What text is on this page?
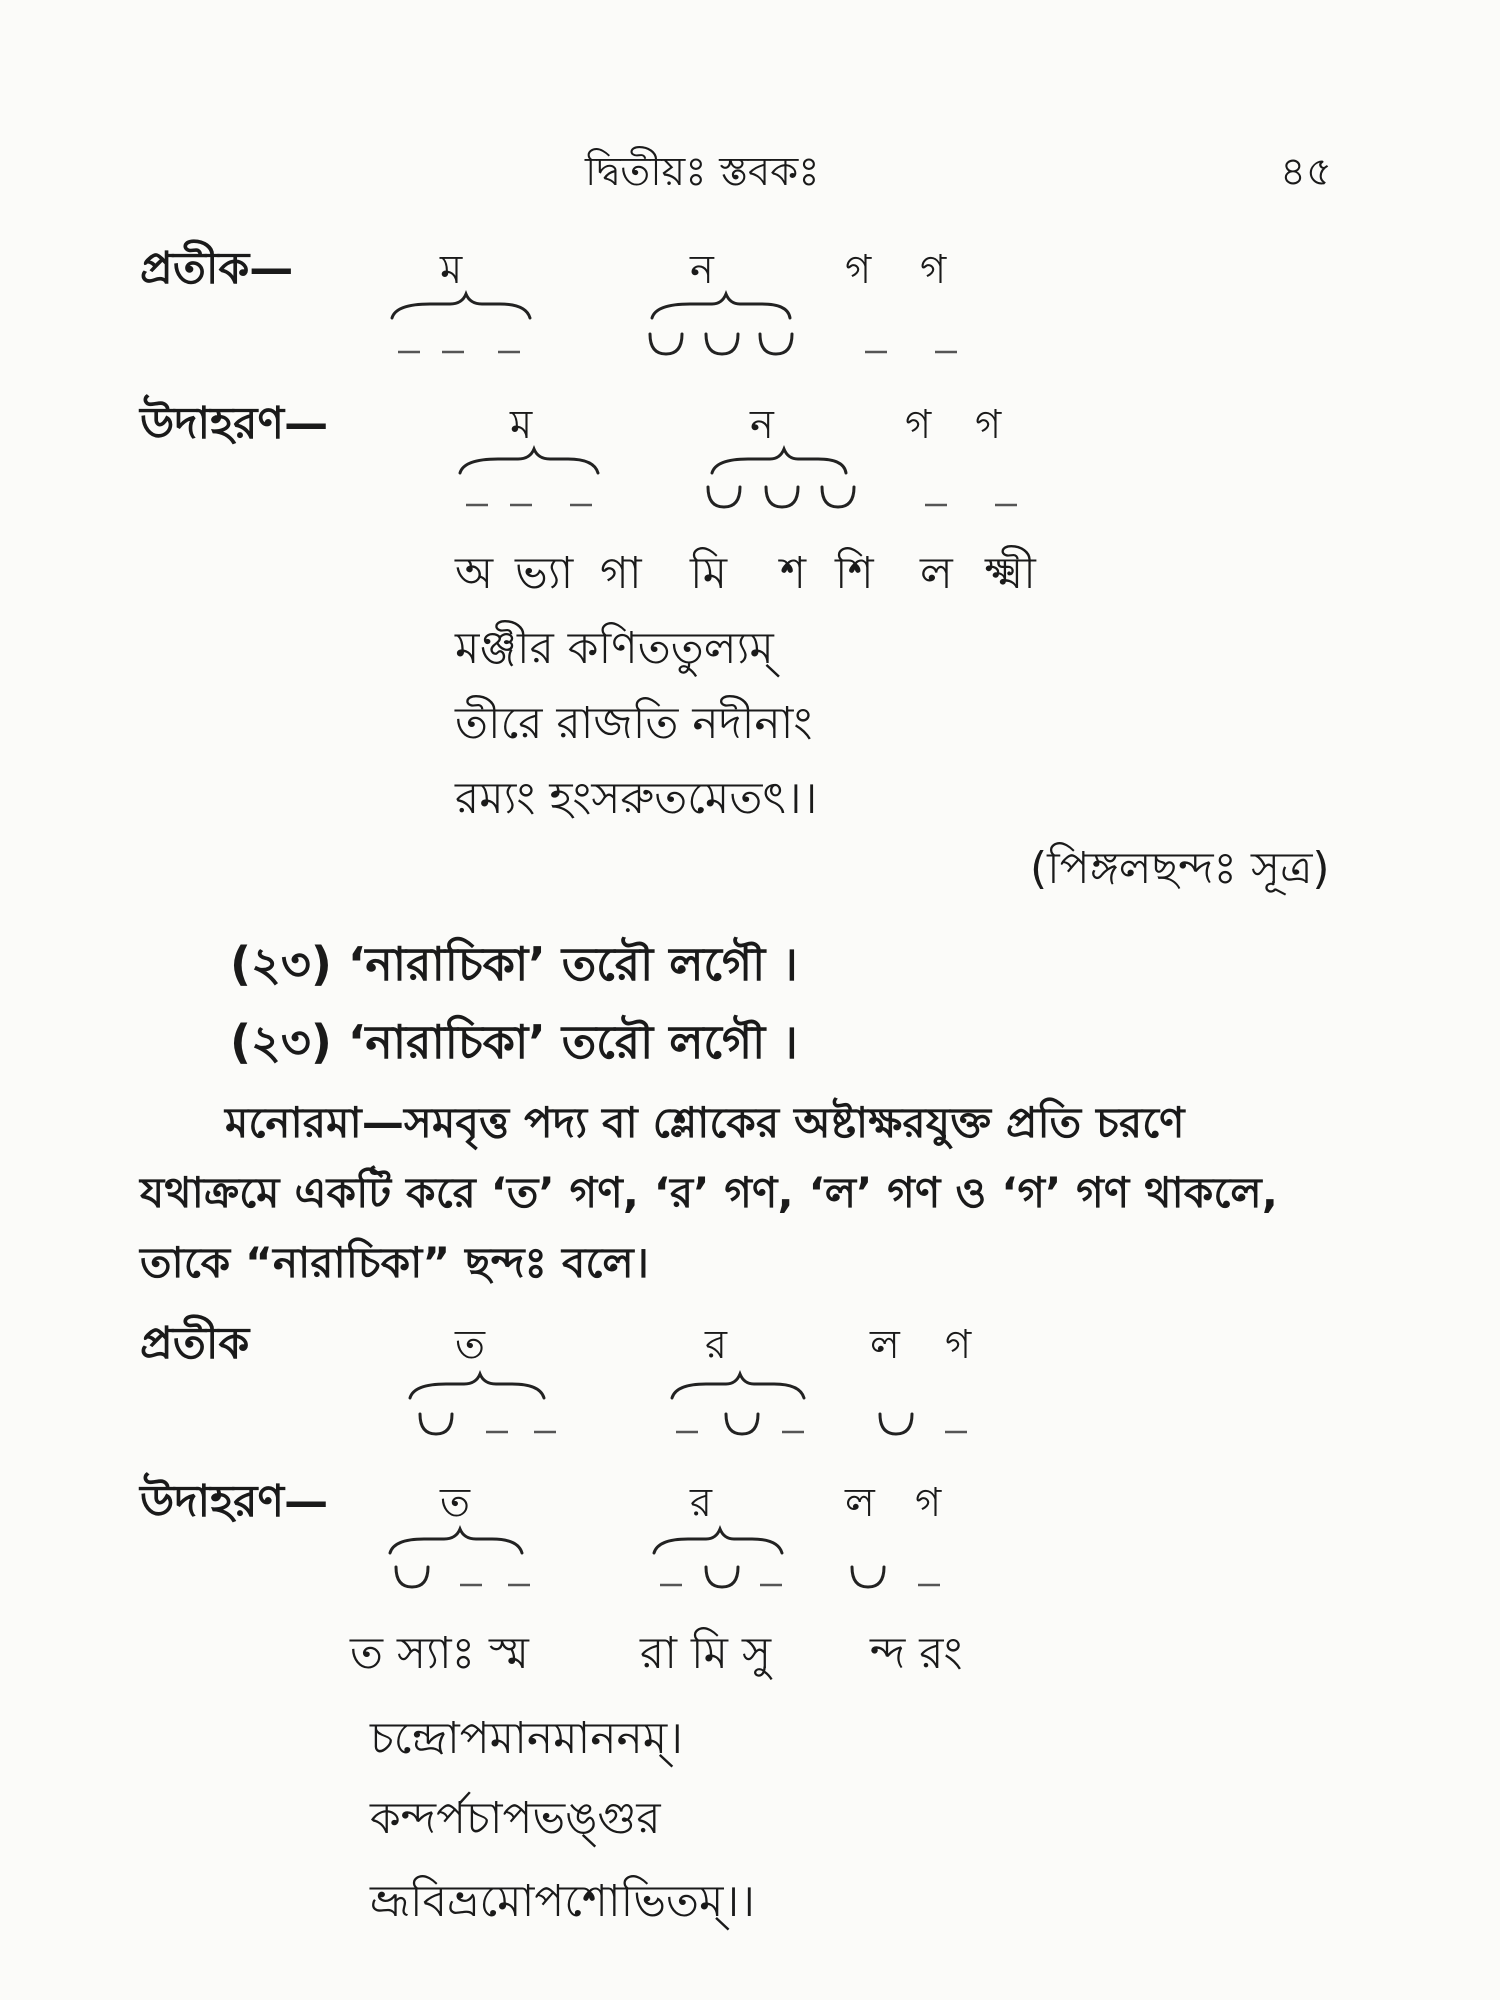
দ্বিতীয়ঃ স্তবকঃ	৪৫
প্রতীক—	ম	ন	গ গ
উদাহরণ—	ম	ন	গ গ
অ ভ্যা গা মি শ শি ল ক্ষ্মী
মঞ্জীর কণিততুল্যম্
তীরে রাজতি নদীনাং
রম্যং হংসরুতমেতৎ।।
(পিঙ্গলছন্দঃ সূত্র)
(২৩) ‘নারাচিকা’ তরৌ লগৌ ।
(২৩) ‘নারাচিকা’ তরৌ লগৌ ।
মনোরমা—সমবৃত্ত পদ্য বা শ্লোকের অষ্টাক্ষরযুক্ত প্রতি চরণে
যথাক্রমে একটি করে ‘ত’ গণ, ‘র’ গণ, ‘ল’ গণ ও ‘গ’ গণ থাকলে,
তাকে “নারাচিকা” ছন্দঃ বলে।
প্রতীক	ত	র	ল গ
উদাহরণ—	ত	র	ল গ
ত স্যাঃ স্ম	রা মি সু ন্দ রং
চন্দ্রোপমানমাননম্।
কন্দর্পচাপভঙ্গুর
ভ্রূবিভ্রমোপশোভিতম্।।
